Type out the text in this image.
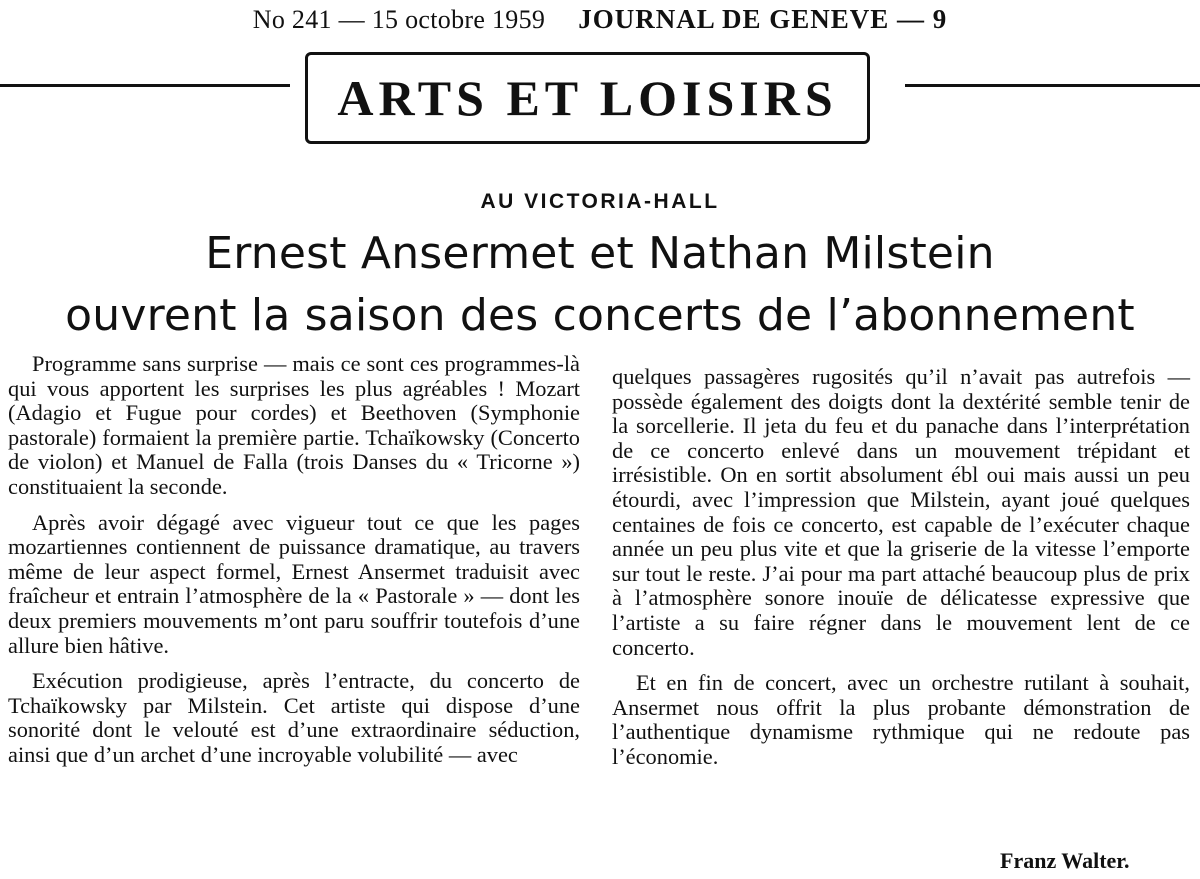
No 241 — 15 octobre 1959 JOURNAL DE GENEVE — 9
ARTS ET LOISIRS
AU VICTORIA-HALL
Ernest Ansermet et Nathan Milstein
ouvrent la saison des concerts de l’abonnement

Programme sans surprise — mais ce sont ces programmes-là qui vous apportent les surprises les plus agréables ! Mozart (Adagio et Fugue pour cordes) et Beethoven (Symphonie pastorale) formaient la première partie. Tchaïkowsky (Concerto de violon) et Manuel de Falla (trois Danses du « Tricorne ») constituaient la seconde.

Après avoir dégagé avec vigueur tout ce que les pages mozartiennes contiennent de puissance dramatique, au travers même de leur aspect formel, Ernest Ansermet traduisit avec fraîcheur et entrain l’atmosphère de la « Pastorale » — dont les deux premiers mouvements m’ont paru souffrir toutefois d’une allure bien hâtive.

Exécution prodigieuse, après l’entracte, du concerto de Tchaïkowsky par Milstein. Cet artiste qui dispose d’une sonorité dont le velouté est d’une extraordinaire séduction, ainsi que d’un archet d’une incroyable volubilité — avec

quelques passagères rugosités qu’il n’avait pas autrefois — possède également des doigts dont la dextérité semble tenir de la sorcellerie. Il jeta du feu et du panache dans l’interprétation de ce concerto enlevé dans un mouvement trépidant et irrésistible. On en sortit absolument ébl oui mais aussi un peu étourdi, avec l’impression que Milstein, ayant joué quelques centaines de fois ce concerto, est capable de l’exécuter chaque année un peu plus vite et que la griserie de la vitesse l’emporte sur tout le reste. J’ai pour ma part attaché beaucoup plus de prix à l’atmosphère sonore inouïe de délicatesse expressive que l’artiste a su faire régner dans le mouvement lent de ce concerto.

Et en fin de concert, avec un orchestre rutilant à souhait, Ansermet nous offrit la plus probante démonstration de l’authentique dynamisme rythmique qui ne redoute pas l’économie.

Franz Walter.
